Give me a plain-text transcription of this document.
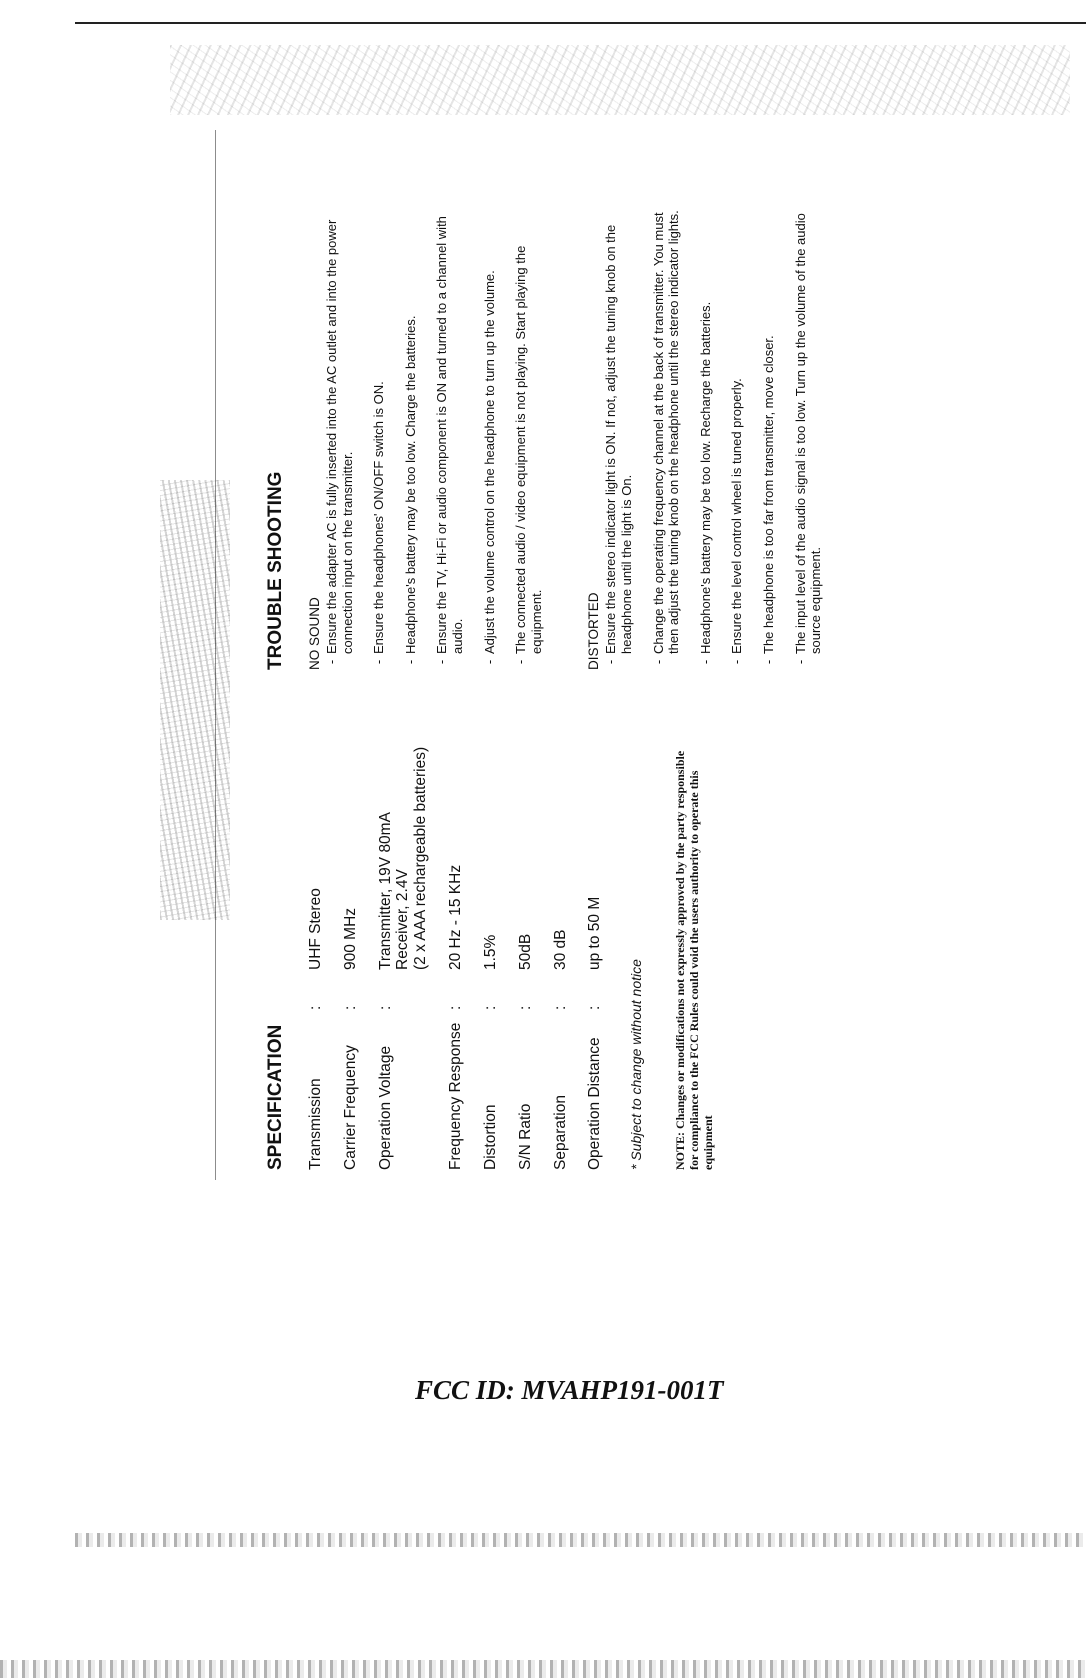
SPECIFICATION Transmission
:
UHF Stereo
Carrier Frequency
:
900 MHz
Operation Voltage
:
Transmitter, 19V 80mA
Receiver, 2.4V
(2 x AAA rechargeable batteries)
Frequency Response
:
20 Hz - 15 KHz
Distortion
:
1.5%
S/N Ratio
:
50dB
Separation
:
30 dB
Operation Distance
:
up to 50 M
* Subject to change without notice NOTE: Changes or modifications not expressly approved by the party responsible for compliance to the FCC Rules could void the users authority to operate this equipment
TROUBLE SHOOTING NO SOUND -
Ensure the adapter AC is fully inserted into the AC outlet and into the power connection input on the transmitter.
-
Ensure the headphones' ON/OFF switch is ON.
-
Headphone's battery may be too low. Charge the batteries.
-
Ensure the TV, Hi-Fi or audio component is ON and turned to a channel with audio.
-
Adjust the volume control on the headphone to turn up the volume.
-
The connected audio / video equipment is not playing. Start playing the equipment.	DISTORTED -
Ensure the stereo indicator light is ON. If not, adjust the tuning knob on the headphone until the light is On.
-
Change the operating frequency channel at the back of transmitter. You must then adjust the tuning knob on the headphone until the stereo indicator lights.
-
Headphone's battery may be too low. Recharge the batteries.
-
Ensure the level control wheel is tuned properly.
-
The headphone is too far from transmitter, move closer.
-
The input level of the audio signal is too low. Turn up the volume of the audio source equipment.
FCC ID: MVAHP191-001T
